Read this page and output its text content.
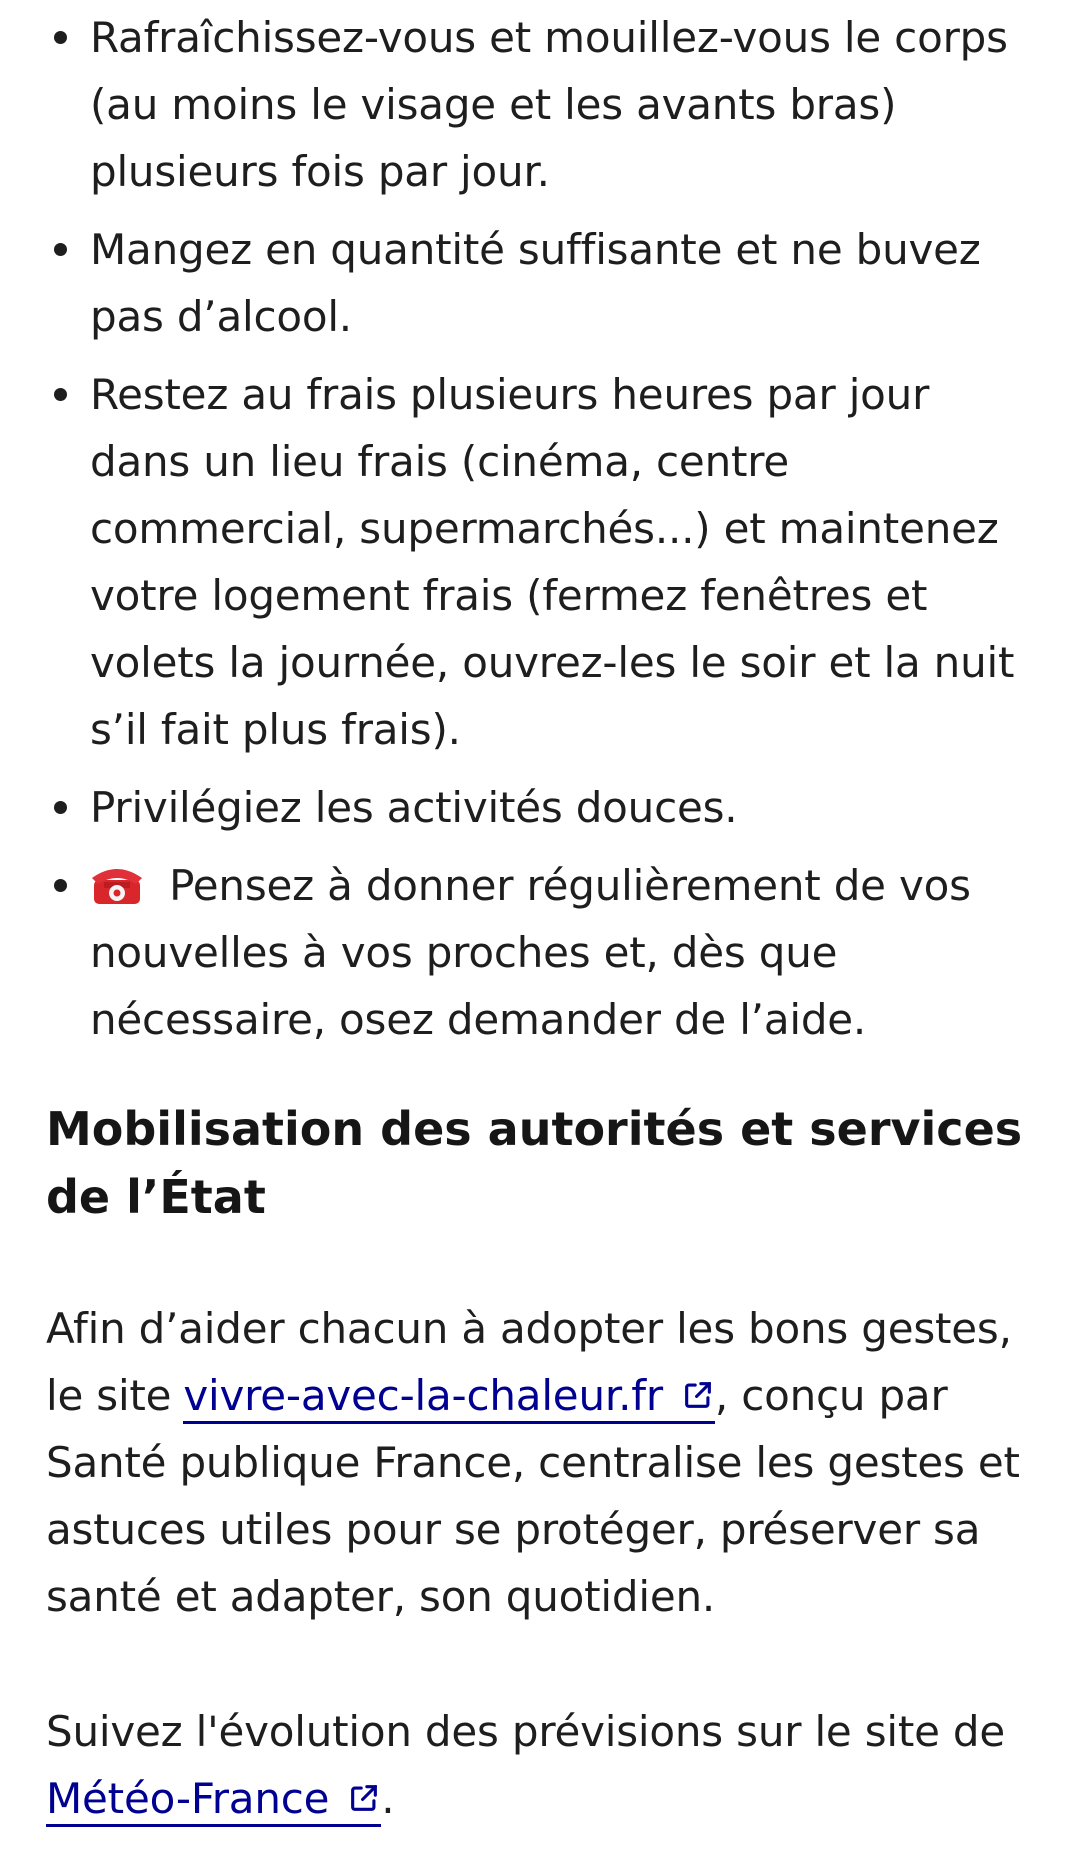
Rafraîchissez-vous et mouillez-vous le corps (au moins le visage et les avants bras) plusieurs fois par jour.
Mangez en quantité suffisante et ne buvez pas d’alcool.
Restez au frais plusieurs heures par jour dans un lieu frais (cinéma, centre commercial, supermarchés...) et maintenez votre logement frais (fermez fenêtres et volets la journée, ouvrez-les le soir et la nuit s’il fait plus frais).
Privilégiez les activités douces.
Pensez à donner régulièrement de vos nouvelles à vos proches et, dès que nécessaire, osez demander de l’aide.
Mobilisation des autorités et services de l’État

Afin d’aider chacun à adopter les bons gestes, le site vivre-avec-la-chaleur.fr , conçu par Santé publique France, centralise les gestes et astuces utiles pour se protéger, préserver sa santé et adapter, son quotidien.

Suivez l'évolution des prévisions sur le site de Météo-France .
